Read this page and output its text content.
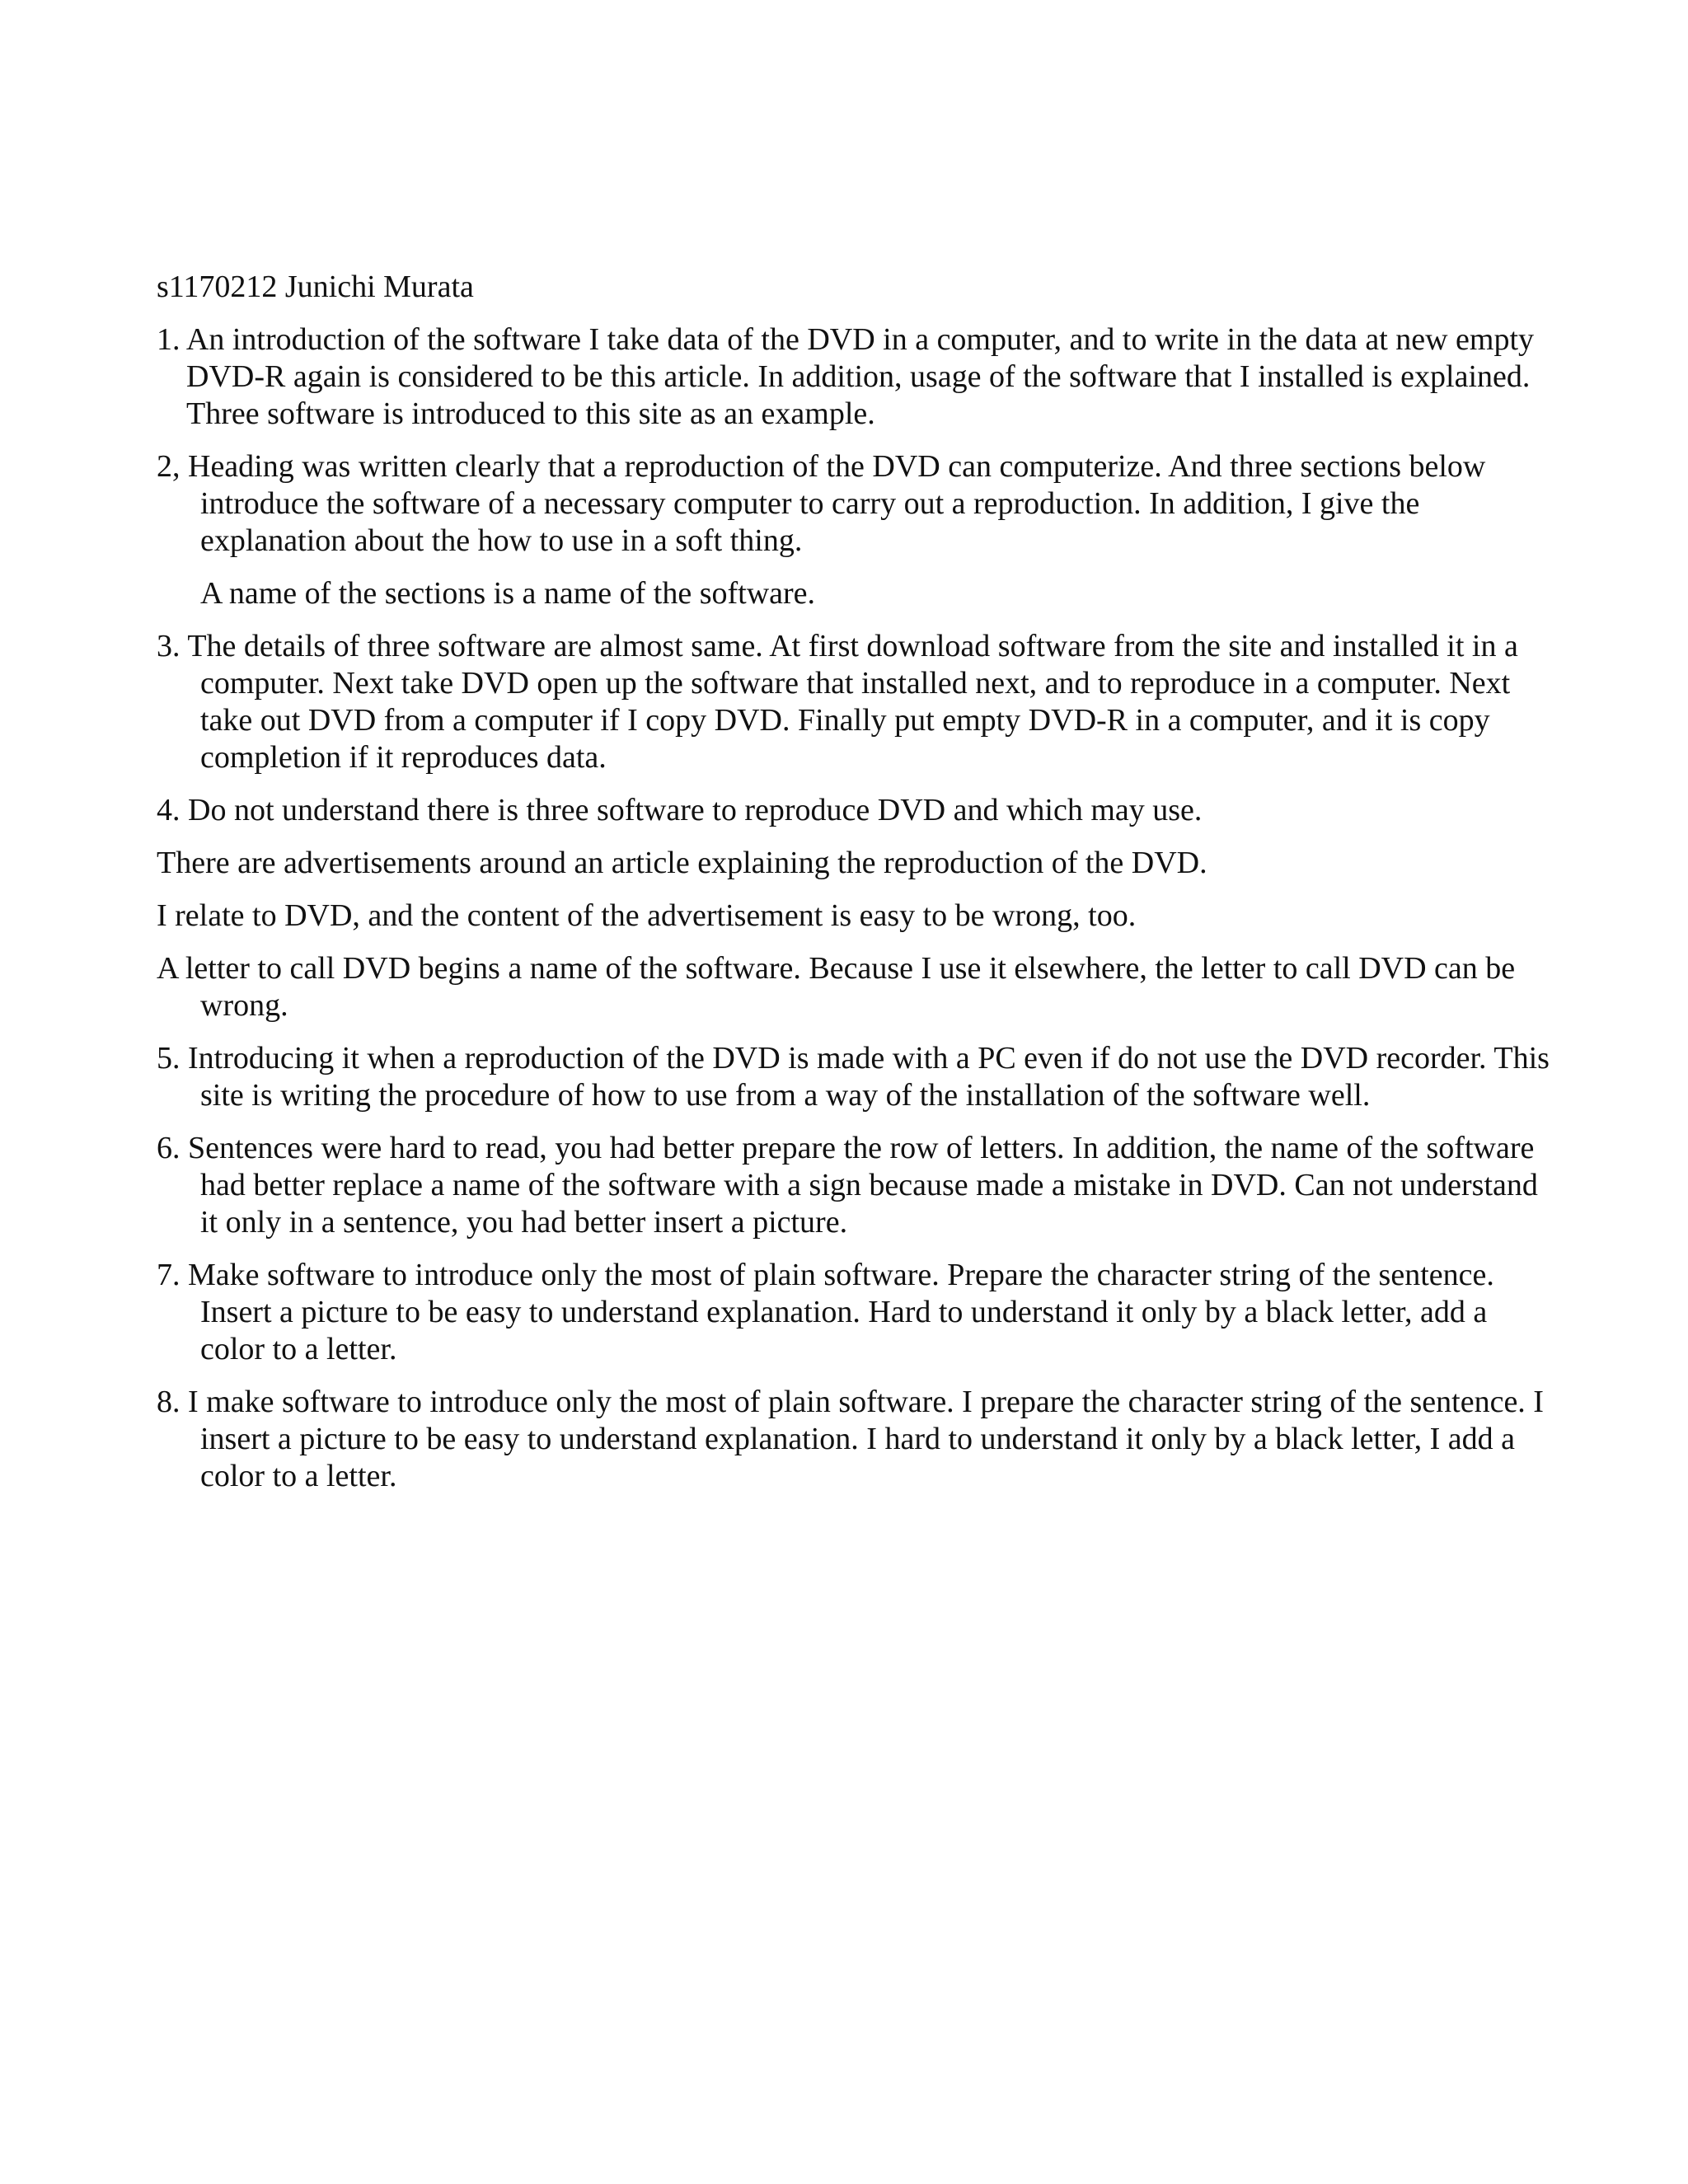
s1170212 Junichi Murata

1. An introduction of the software I take data of the DVD in a computer, and to write in the data at new empty DVD-R again is considered to be this article. In addition, usage of the software that I installed is explained. Three software is introduced to this site as an example.

2, Heading was written clearly that a reproduction of the DVD can computerize. And three sections below introduce the software of a necessary computer to carry out a reproduction. In addition, I give the explanation about the how to use in a soft thing.

A name of the sections is a name of the software.

3. The details of three software are almost same. At first download software from the site and installed it in a computer. Next take DVD open up the software that installed next, and to reproduce in a computer. Next take out DVD from a computer if I copy DVD. Finally put empty DVD-R in a computer, and it is copy completion if it reproduces data.

4. Do not understand there is three software to reproduce DVD and which may use.

There are advertisements around an article explaining the reproduction of the DVD.

I relate to DVD, and the content of the advertisement is easy to be wrong, too.

A letter to call DVD begins a name of the software. Because I use it elsewhere, the letter to call DVD can be wrong.

5. Introducing it when a reproduction of the DVD is made with a PC even if do not use the DVD recorder. This site is writing the procedure of how to use from a way of the installation of the software well.

6. Sentences were hard to read, you had better prepare the row of letters. In addition, the name of the software had better replace a name of the software with a sign because made a mistake in DVD. Can not understand it only in a sentence, you had better insert a picture.

7. Make software to introduce only the most of plain software. Prepare the character string of the sentence. Insert a picture to be easy to understand explanation. Hard to understand it only by a black letter, add a color to a letter.

8. I make software to introduce only the most of plain software. I prepare the character string of the sentence. I insert a picture to be easy to understand explanation. I hard to understand it only by a black letter, I add a color to a letter.
